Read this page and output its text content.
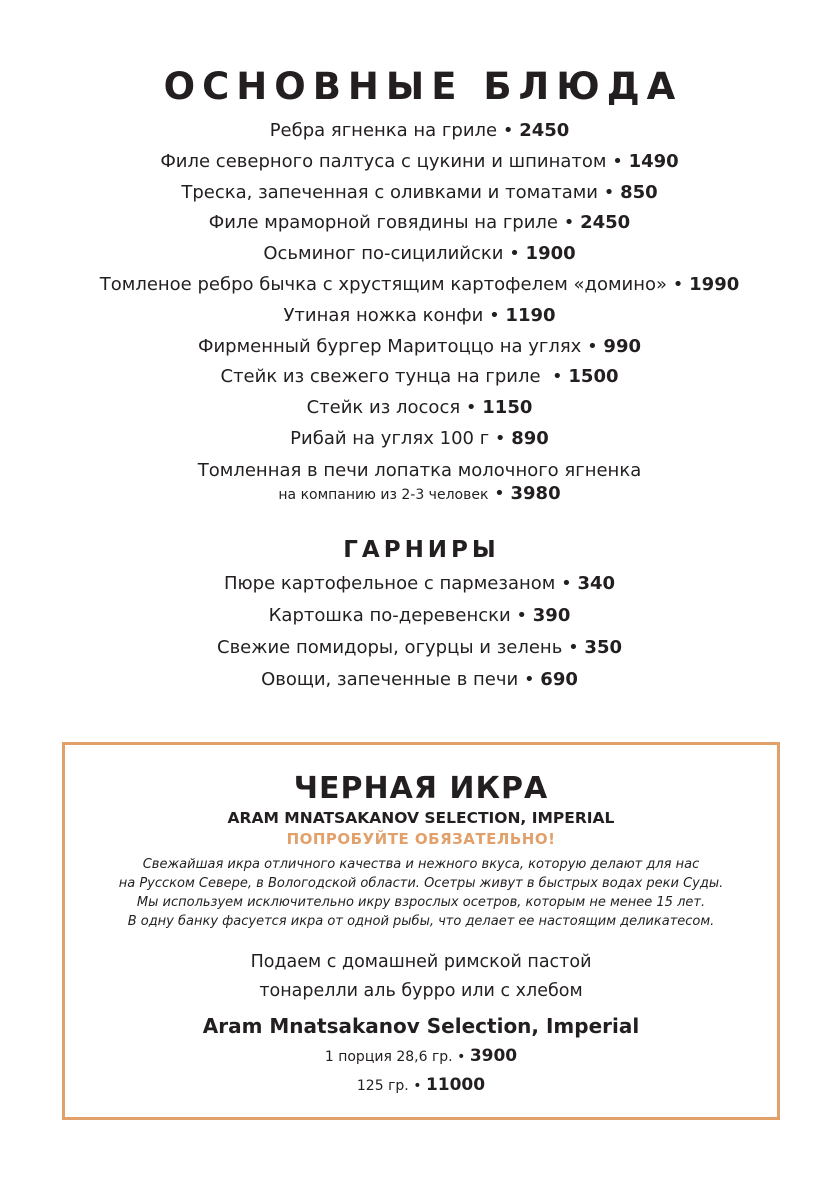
ОСНОВНЫЕ БЛЮДА
Ребра ягненка на гриле • 2450
Филе северного палтуса с цукини и шпинатом • 1490
Треска, запеченная с оливками и томатами • 850
Филе мраморной говядины на гриле • 2450
Осьминог по-сицилийски • 1900
Томленое ребро бычка с хрустящим картофелем «домино» • 1990
Утиная ножка конфи • 1190
Фирменный бургер Маритоццо на углях • 990
Стейк из свежего тунца на гриле  • 1500
Стейк из лосося • 1150
Рибай на углях 100 г • 890
Томленная в печи лопатка молочного ягненка
на компанию из 2-3 человек • 3980
ГАРНИРЫ
Пюре картофельное с пармезаном • 340
Картошка по-деревенски • 390
Свежие помидоры, огурцы и зелень • 350
Овощи, запеченные в печи • 690
ЧЕРНАЯ ИКРА
ARAM MNATSAKANOV SELECTION, IMPERIAL
ПОПРОБУЙТЕ ОБЯЗАТЕЛЬНО!
Свежайшая икра отличного качества и нежного вкуса, которую делают для нас
на Русском Севере, в Вологодской области. Осетры живут в быстрых водах реки Суды.
Мы используем исключительно икру взрослых осетров, которым не менее 15 лет.
В одну банку фасуется икра от одной рыбы, что делает ее настоящим деликатесом.
Подаем с домашней римской пастой
тонарелли аль бурро или с хлебом
Aram Mnatsakanov Selection, Imperial
1 порция 28,6 гр. • 3900
125 гр. • 11000
